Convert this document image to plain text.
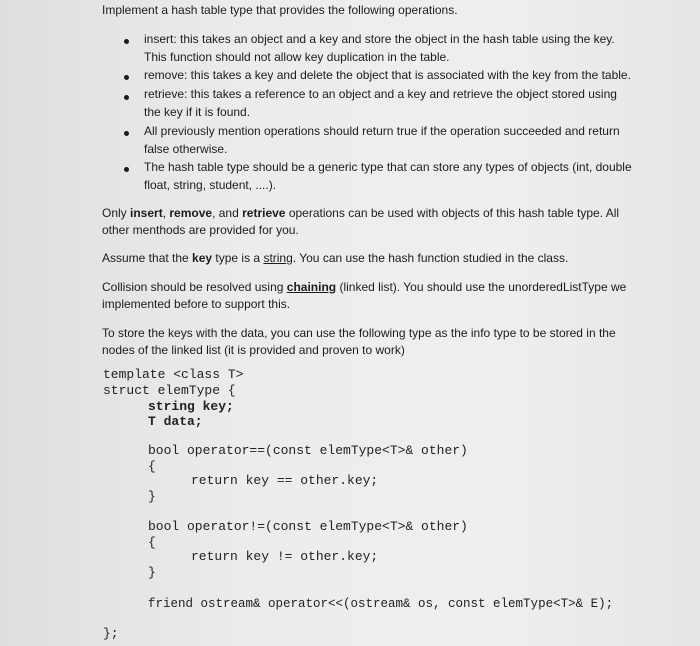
Implement a hash table type that provides the following operations.
insert: this takes an object and a key and store the object in the hash table using the key.
This function should not allow key duplication in the table.
remove: this takes a key and delete the object that is associated with the key from the table.
retrieve: this takes a reference to an object and a key and retrieve the object stored using
the key if it is found.
All previously mention operations should return true if the operation succeeded and return
false otherwise.
The hash table type should be a generic type that can store any types of objects (int, double
float, string, student, ....).
Only insert, remove, and retrieve operations can be used with objects of this hash table type. All
other menthods are provided for you.
Assume that the key type is a string. You can use the hash function studied in the class.
Collision should be resolved using chaining (linked list). You should use the unorderedListType we
implemented before to support this.
To store the keys with the data, you can use the following type as the info type to be stored in the
nodes of the linked list (it is provided and proven to work)
template <class T>
struct elemType {
string key;
T data;
bool operator==(const elemType<T>& other)
{
return key == other.key;
}
bool operator!=(const elemType<T>& other)
{
return key != other.key;
}
friend ostream& operator<<(ostream& os, const elemType<T>& E);
};
